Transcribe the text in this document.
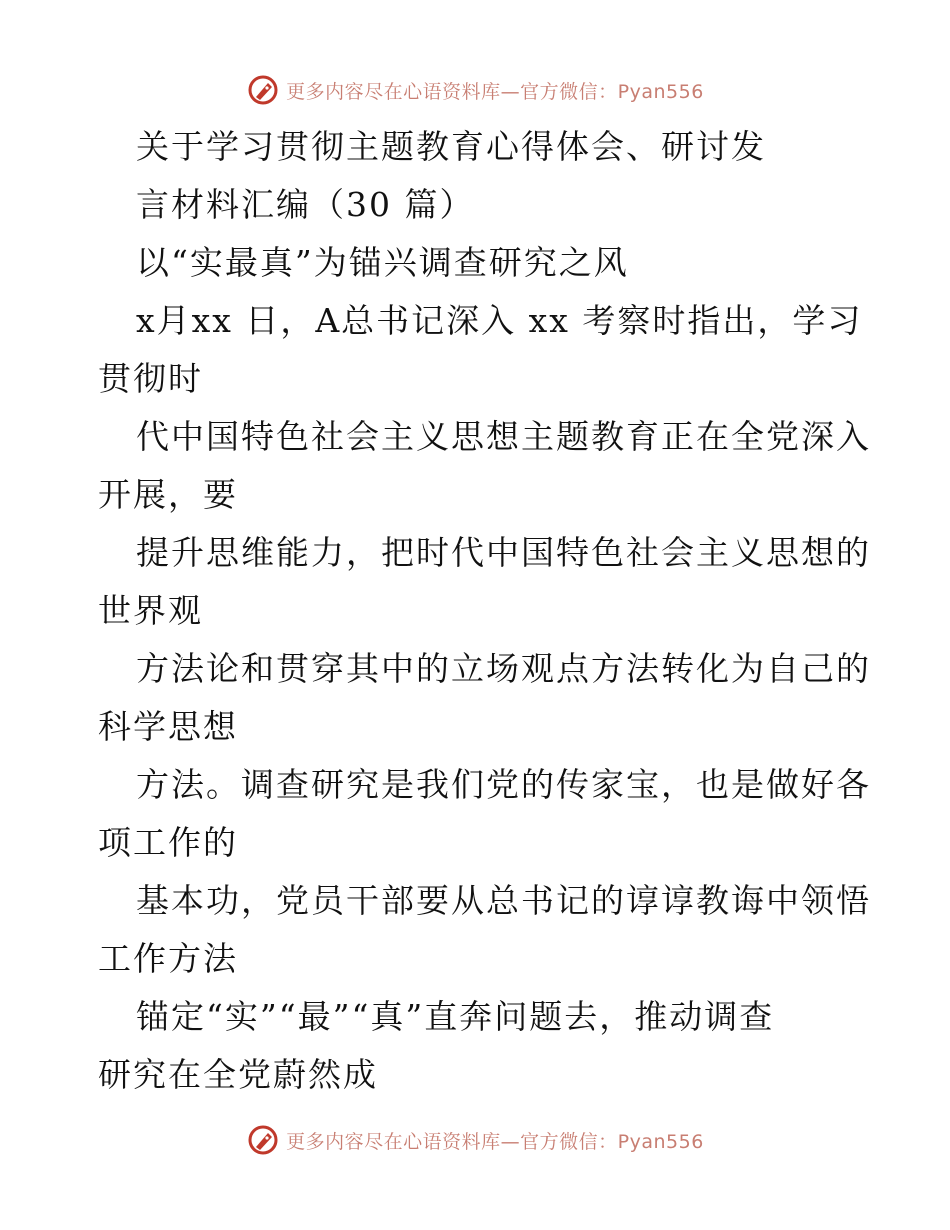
更多内容尽在心语资料库—官方微信：Pyan556
关于学习贯彻主题教育心得体会、研讨发
言材料汇编（30 篇）
以“实最真”为锚兴调查研究之风
x月xx 日，A总书记深入 xx 考察时指出，学习
贯彻时
代中国特色社会主义思想主题教育正在全党深入
开展，要
提升思维能力，把时代中国特色社会主义思想的
世界观
方法论和贯穿其中的立场观点方法转化为自己的
科学思想
方法。调查研究是我们党的传家宝，也是做好各
项工作的
基本功，党员干部要从总书记的谆谆教诲中领悟
工作方法
锚定“实”“最”“真”直奔问题去，推动调查
研究在全党蔚然成
更多内容尽在心语资料库—官方微信：Pyan556
